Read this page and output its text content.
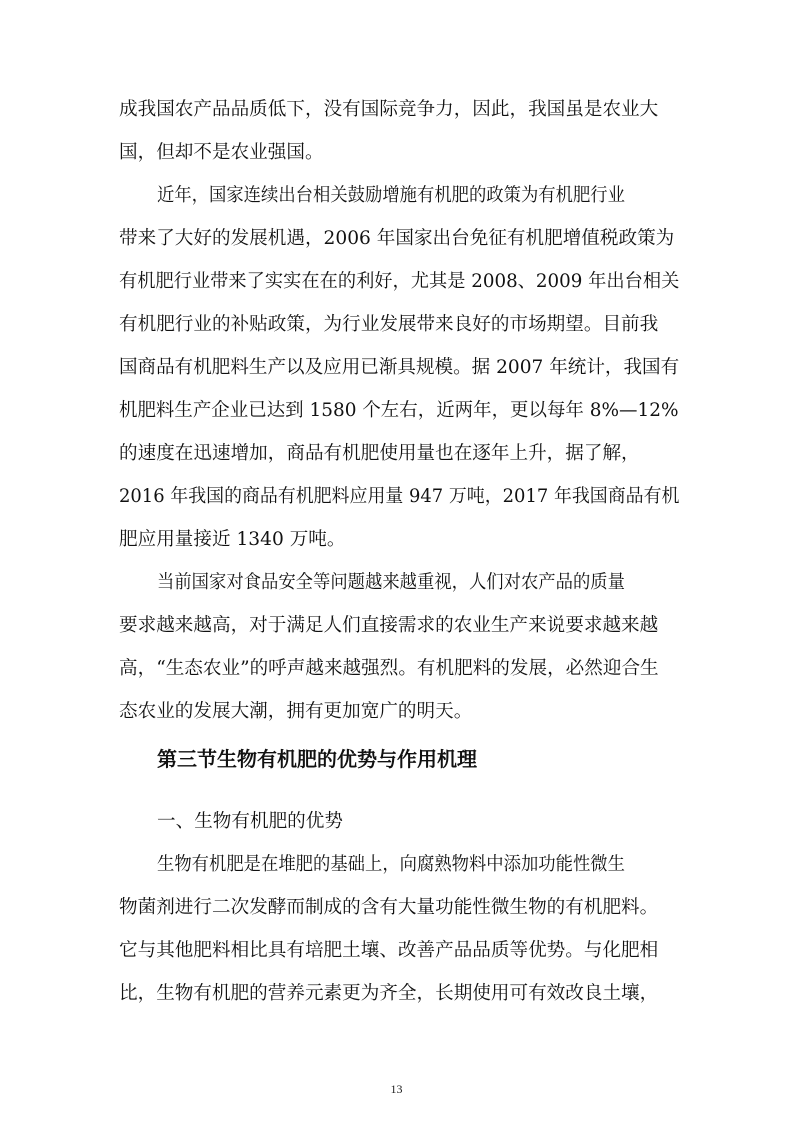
成我国农产品品质低下，没有国际竞争力，因此，我国虽是农业大
国，但却不是农业强国。
近年，国家连续出台相关鼓励增施有机肥的政策为有机肥行业
带来了大好的发展机遇，2006 年国家出台免征有机肥增值税政策为
有机肥行业带来了实实在在的利好，尤其是 2008、2009 年出台相关
有机肥行业的补贴政策，为行业发展带来良好的市场期望。目前我
国商品有机肥料生产以及应用已渐具规模。据 2007 年统计，我国有
机肥料生产企业已达到 1580 个左右，近两年，更以每年 8%—12%
的速度在迅速增加，商品有机肥使用量也在逐年上升，据了解，
2016 年我国的商品有机肥料应用量 947 万吨，2017 年我国商品有机
肥应用量接近 1340 万吨。
当前国家对食品安全等问题越来越重视，人们对农产品的质量
要求越来越高，对于满足人们直接需求的农业生产来说要求越来越
高，“生态农业”的呼声越来越强烈。有机肥料的发展，必然迎合生
态农业的发展大潮，拥有更加宽广的明天。
第三节生物有机肥的优势与作用机理
一、生物有机肥的优势
生物有机肥是在堆肥的基础上，向腐熟物料中添加功能性微生
物菌剂进行二次发酵而制成的含有大量功能性微生物的有机肥料。
它与其他肥料相比具有培肥土壤、改善产品品质等优势。与化肥相
比，生物有机肥的营养元素更为齐全，长期使用可有效改良土壤，
13
